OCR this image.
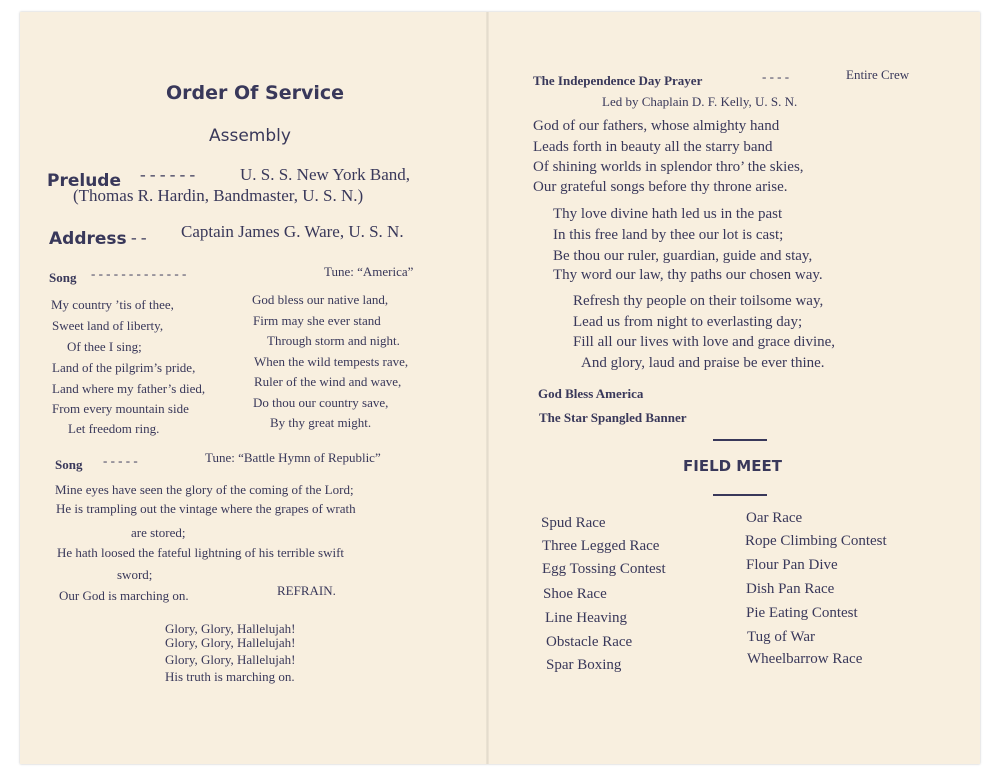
Order Of Service
Assembly
Prelude - - - - - -	U. S. S. New York Band,
(Thomas R. Hardin, Bandmaster, U. S. N.)
Address - - Captain James G. Ware, U. S. N.
Song - - - - - - - - - - - - -	Tune: “America”
My country ’tis of thee,
Sweet land of liberty,
Of thee I sing;
Land of the pilgrim’s pride,
Land where my father’s died,
From every mountain side
Let freedom ring.
God bless our native land,
Firm may she ever stand
Through storm and night.
When the wild tempests rave,
Ruler of the wind and wave,
Do thou our country save,
By thy great might.
Song - - - - -	Tune: “Battle Hymn of Republic”
Mine eyes have seen the glory of the coming of the Lord;
He is trampling out the vintage where the grapes of wrath
are stored;
He hath loosed the fateful lightning of his terrible swift
sword;
Our God is marching on.	REFRAIN.
Glory, Glory, Hallelujah!
Glory, Glory, Hallelujah!
Glory, Glory, Hallelujah!
His truth is marching on.
The Independence Day Prayer	- - - -	Entire Crew
Led by Chaplain D. F. Kelly, U. S. N.
God of our fathers, whose almighty hand
Leads forth in beauty all the starry band
Of shining worlds in splendor thro’ the skies,
Our grateful songs before thy throne arise.
Thy love divine hath led us in the past
In this free land by thee our lot is cast;
Be thou our ruler, guardian, guide and stay,
Thy word our law, thy paths our chosen way.
Refresh thy people on their toilsome way,
Lead us from night to everlasting day;
Fill all our lives with love and grace divine,
And glory, laud and praise be ever thine.
God Bless America
The Star Spangled Banner
FIELD MEET
Spud Race
Three Legged Race
Egg Tossing Contest
Shoe Race
Line Heaving
Obstacle Race
Spar Boxing
Oar Race
Rope Climbing Contest
Flour Pan Dive
Dish Pan Race
Pie Eating Contest
Tug of War
Wheelbarrow Race
